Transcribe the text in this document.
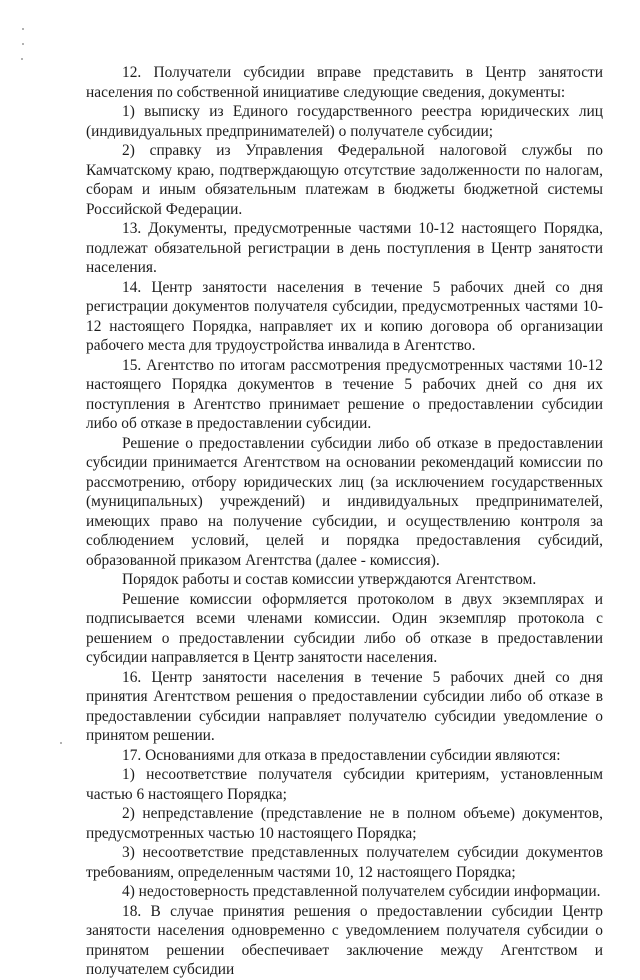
12. Получатели субсидии вправе представить в Центр занятости населения по собственной инициативе следующие сведения, документы:

1) выписку из Единого государственного реестра юридических лиц (индивидуальных предпринимателей) о получателе субсидии;

2) справку из Управления Федеральной налоговой службы по Камчатскому краю, подтверждающую отсутствие задолженности по налогам, сборам и иным обязательным платежам в бюджеты бюджетной системы Российской Федерации.

13. Документы, предусмотренные частями 10-12 настоящего Порядка, подлежат обязательной регистрации в день поступления в Центр занятости населения.

14. Центр занятости населения в течение 5 рабочих дней со дня регистрации документов получателя субсидии, предусмотренных частями 10-12 настоящего Порядка, направляет их и копию договора об организации рабочего места для трудоустройства инвалида в Агентство.

15. Агентство по итогам рассмотрения предусмотренных частями 10-12 настоящего Порядка документов в течение 5 рабочих дней со дня их поступления в Агентство принимает решение о предоставлении субсидии либо об отказе в предоставлении субсидии.

Решение о предоставлении субсидии либо об отказе в предоставлении субсидии принимается Агентством на основании рекомендаций комиссии по рассмотрению, отбору юридических лиц (за исключением государственных (муниципальных) учреждений) и индивидуальных предпринимателей, имеющих право на получение субсидии, и осуществлению контроля за соблюдением условий, целей и порядка предоставления субсидий, образованной приказом Агентства (далее - комиссия).

Порядок работы и состав комиссии утверждаются Агентством.

Решение комиссии оформляется протоколом в двух экземплярах и подписывается всеми членами комиссии. Один экземпляр протокола с решением о предоставлении субсидии либо об отказе в предоставлении субсидии направляется в Центр занятости населения.

16. Центр занятости населения в течение 5 рабочих дней со дня принятия Агентством решения о предоставлении субсидии либо об отказе в предоставлении субсидии направляет получателю субсидии уведомление о принятом решении.

17. Основаниями для отказа в предоставлении субсидии являются:

1) несоответствие получателя субсидии критериям, установленным частью 6 настоящего Порядка;

2) непредставление (представление не в полном объеме) документов, предусмотренных частью 10 настоящего Порядка;

3) несоответствие представленных получателем субсидии документов требованиям, определенным частями 10, 12 настоящего Порядка;

4) недостоверность представленной получателем субсидии информации.

18. В случае принятия решения о предоставлении субсидии Центр занятости населения одновременно с уведомлением получателя субсидии о принятом решении обеспечивает заключение между Агентством и получателем субсидии
